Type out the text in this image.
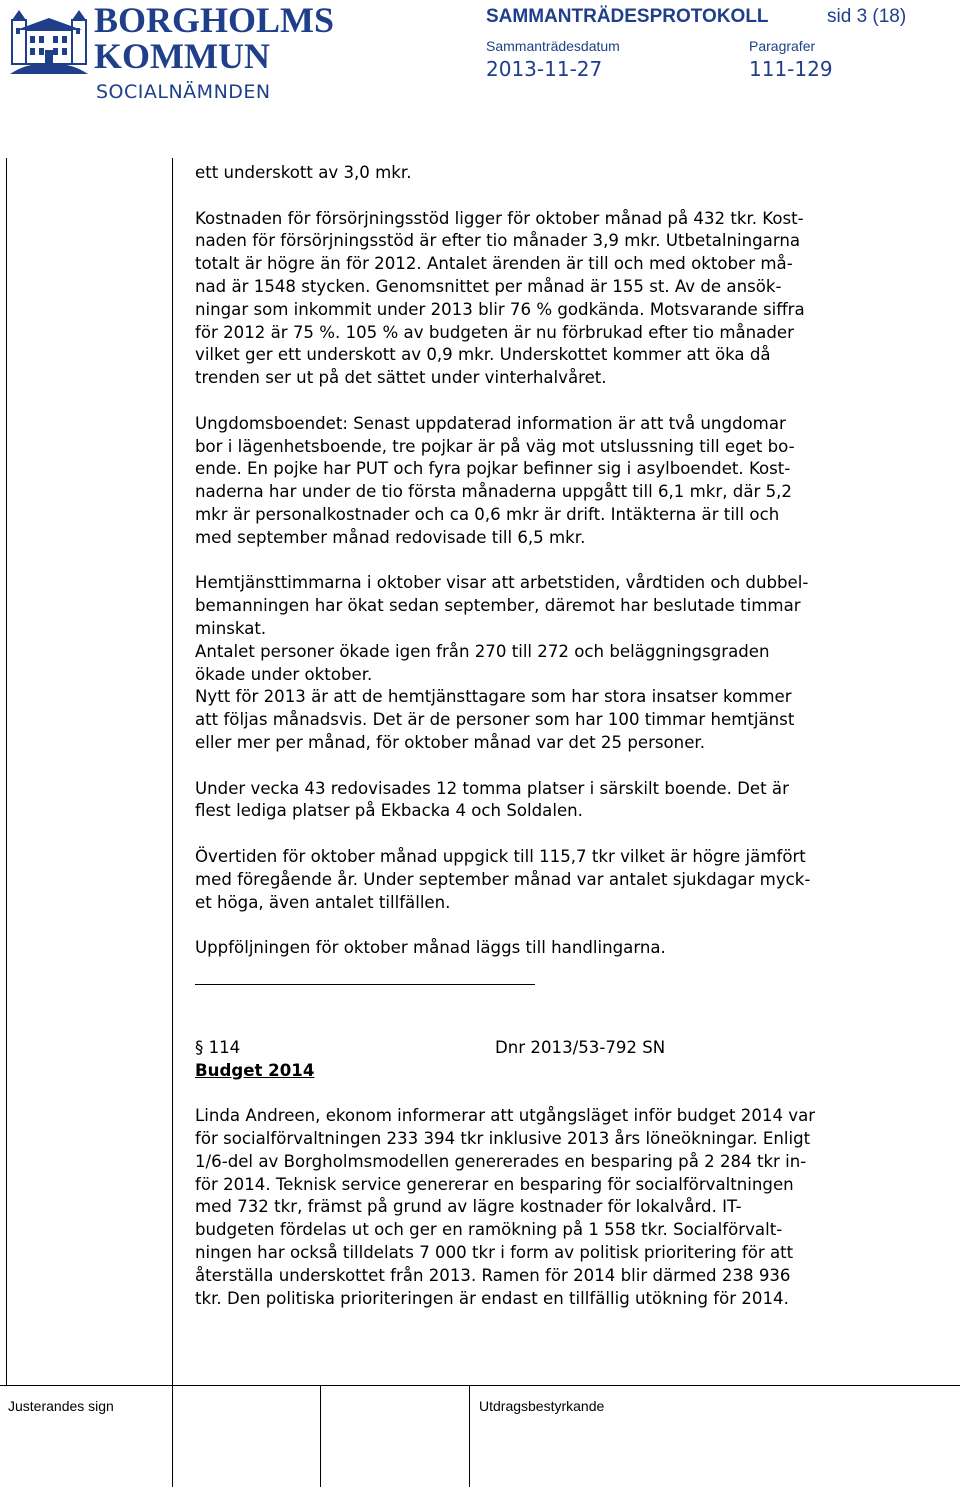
BORGHOLMS
KOMMUN
SOCIALNÄMNDEN
SAMMANTRÄDESPROTOKOLL	sid 3 (18)
Sammanträdesdatum
2013-11-27
Paragrafer
111-129

ett underskott av 3,0 mkr.

Kostnaden för försörjningsstöd ligger för oktober månad på 432 tkr. Kost-

naden för försörjningsstöd är efter tio månader 3,9 mkr. Utbetalningarna

totalt är högre än för 2012. Antalet ärenden är till och med oktober må-

nad är 1548 stycken. Genomsnittet per månad är 155 st. Av de ansök-

ningar som inkommit under 2013 blir 76 % godkända. Motsvarande siffra

för 2012 är 75 %. 105 % av budgeten är nu förbrukad efter tio månader

vilket ger ett underskott av 0,9 mkr. Underskottet kommer att öka då

trenden ser ut på det sättet under vinterhalvåret.

Ungdomsboendet: Senast uppdaterad information är att två ungdomar

bor i lägenhetsboende, tre pojkar är på väg mot utslussning till eget bo-

ende. En pojke har PUT och fyra pojkar befinner sig i asylboendet. Kost-

naderna har under de tio första månaderna uppgått till 6,1 mkr, där 5,2

mkr är personalkostnader och ca 0,6 mkr är drift. Intäkterna är till och

med september månad redovisade till 6,5 mkr.

Hemtjänsttimmarna i oktober visar att arbetstiden, vårdtiden och dubbel-

bemanningen har ökat sedan september, däremot har beslutade timmar

minskat.

Antalet personer ökade igen från 270 till 272 och beläggningsgraden

ökade under oktober.

Nytt för 2013 är att de hemtjänsttagare som har stora insatser kommer

att följas månadsvis. Det är de personer som har 100 timmar hemtjänst

eller mer per månad, för oktober månad var det 25 personer.

Under vecka 43 redovisades 12 tomma platser i särskilt boende. Det är

flest lediga platser på Ekbacka 4 och Soldalen.

Övertiden för oktober månad uppgick till 115,7 tkr vilket är högre jämfört

med föregående år. Under september månad var antalet sjukdagar myck-

et höga, även antalet tillfällen.

Uppföljningen för oktober månad läggs till handlingarna.

§ 114	Dnr 2013/53-792 SN

Budget 2014

Linda Andreen, ekonom informerar att utgångsläget inför budget 2014 var

för socialförvaltningen 233 394 tkr inklusive 2013 års löneökningar. Enligt

1/6-del av Borgholmsmodellen genererades en besparing på 2 284 tkr in-

för 2014. Teknisk service genererar en besparing för socialförvaltningen

med 732 tkr, främst på grund av lägre kostnader för lokalvård. IT-

budgeten fördelas ut och ger en ramökning på 1 558 tkr. Socialförvalt-

ningen har också tilldelats 7 000 tkr i form av politisk prioritering för att

återställa underskottet från 2013. Ramen för 2014 blir därmed 238 936

tkr. Den politiska prioriteringen är endast en tillfällig utökning för 2014.

Justerandes sign	Utdragsbestyrkande
